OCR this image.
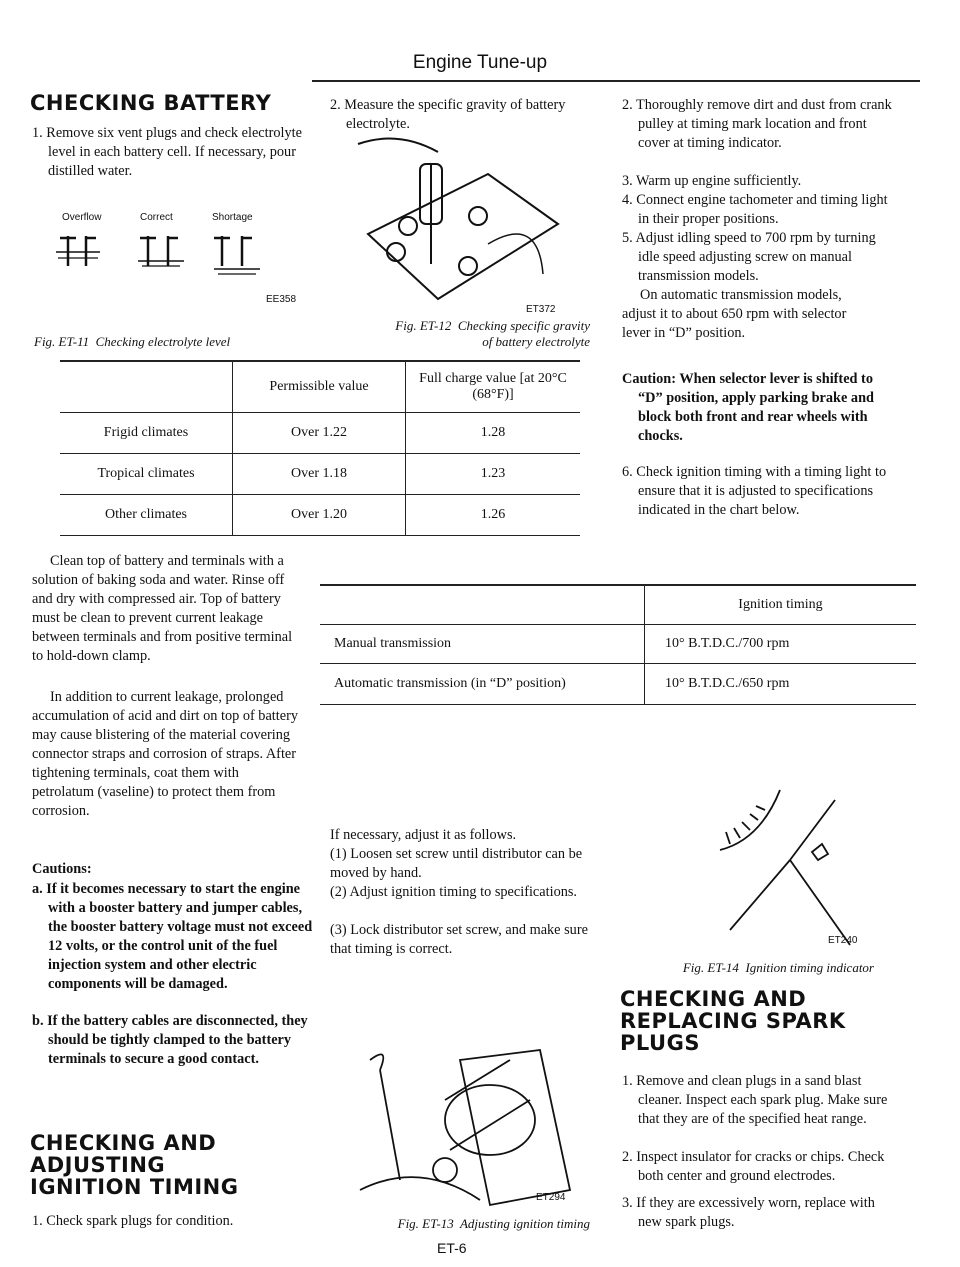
Engine Tune-up
CHECKING BATTERY
1. Remove six vent plugs and check electrolyte level in each battery cell. If necessary, pour distilled water.
Overflow	Correct	Shortage
EE358
Fig. ET-11 Checking electrolyte level
	Permissible value	Full charge value [at 20°C (68°F)]
Frigid climates	Over 1.22	1.28
Tropical climates	Over 1.18	1.23
Other climates	Over 1.20	1.26
Clean top of battery and terminals with a solution of baking soda and water. Rinse off and dry with compressed air. Top of battery must be clean to prevent current leakage between terminals and from positive terminal to hold-down clamp.
In addition to current leakage, prolonged accumulation of acid and dirt on top of battery may cause blistering of the material covering connector straps and corrosion of straps. After tightening terminals, coat them with petrolatum (vaseline) to protect them from corrosion.
Cautions:
a. If it becomes necessary to start the engine with a booster battery and jumper cables, the booster battery voltage must not exceed 12 volts, or the control unit of the fuel injection system and other electric components will be damaged.
b. If the battery cables are disconnected, they should be tightly clamped to the battery terminals to secure a good contact.
CHECKING AND
ADJUSTING
IGNITION TIMING
1. Check spark plugs for condition.
2. Measure the specific gravity of battery electrolyte.
ET372
Fig. ET-12 Checking specific gravity
of battery electrolyte
	Ignition timing
Manual transmission	10° B.T.D.C./700 rpm
Automatic transmission (in “D” position)	10° B.T.D.C./650 rpm
If necessary, adjust it as follows.
(1) Loosen set screw until distributor can be moved by hand.
(2) Adjust ignition timing to specifications.
(3) Lock distributor set screw, and make sure that timing is correct.
ET294
Fig. ET-13 Adjusting ignition timing
ET-6
2. Thoroughly remove dirt and dust from crank pulley at timing mark location and front cover at timing indicator.
3. Warm up engine sufficiently.
4. Connect engine tachometer and timing light in their proper positions.
5. Adjust idling speed to 700 rpm by turning idle speed adjusting screw on manual transmission models.
On automatic transmission models, adjust it to about 650 rpm with selector lever in “D” position.
Caution: When selector lever is shifted to “D” position, apply parking brake and block both front and rear wheels with chocks.
6. Check ignition timing with a timing light to ensure that it is adjusted to specifications indicated in the chart below.
ET240
Fig. ET-14 Ignition timing indicator
CHECKING AND
REPLACING SPARK
PLUGS
1. Remove and clean plugs in a sand blast cleaner. Inspect each spark plug. Make sure that they are of the specified heat range.
2. Inspect insulator for cracks or chips. Check both center and ground electrodes.
3. If they are excessively worn, replace with new spark plugs.
